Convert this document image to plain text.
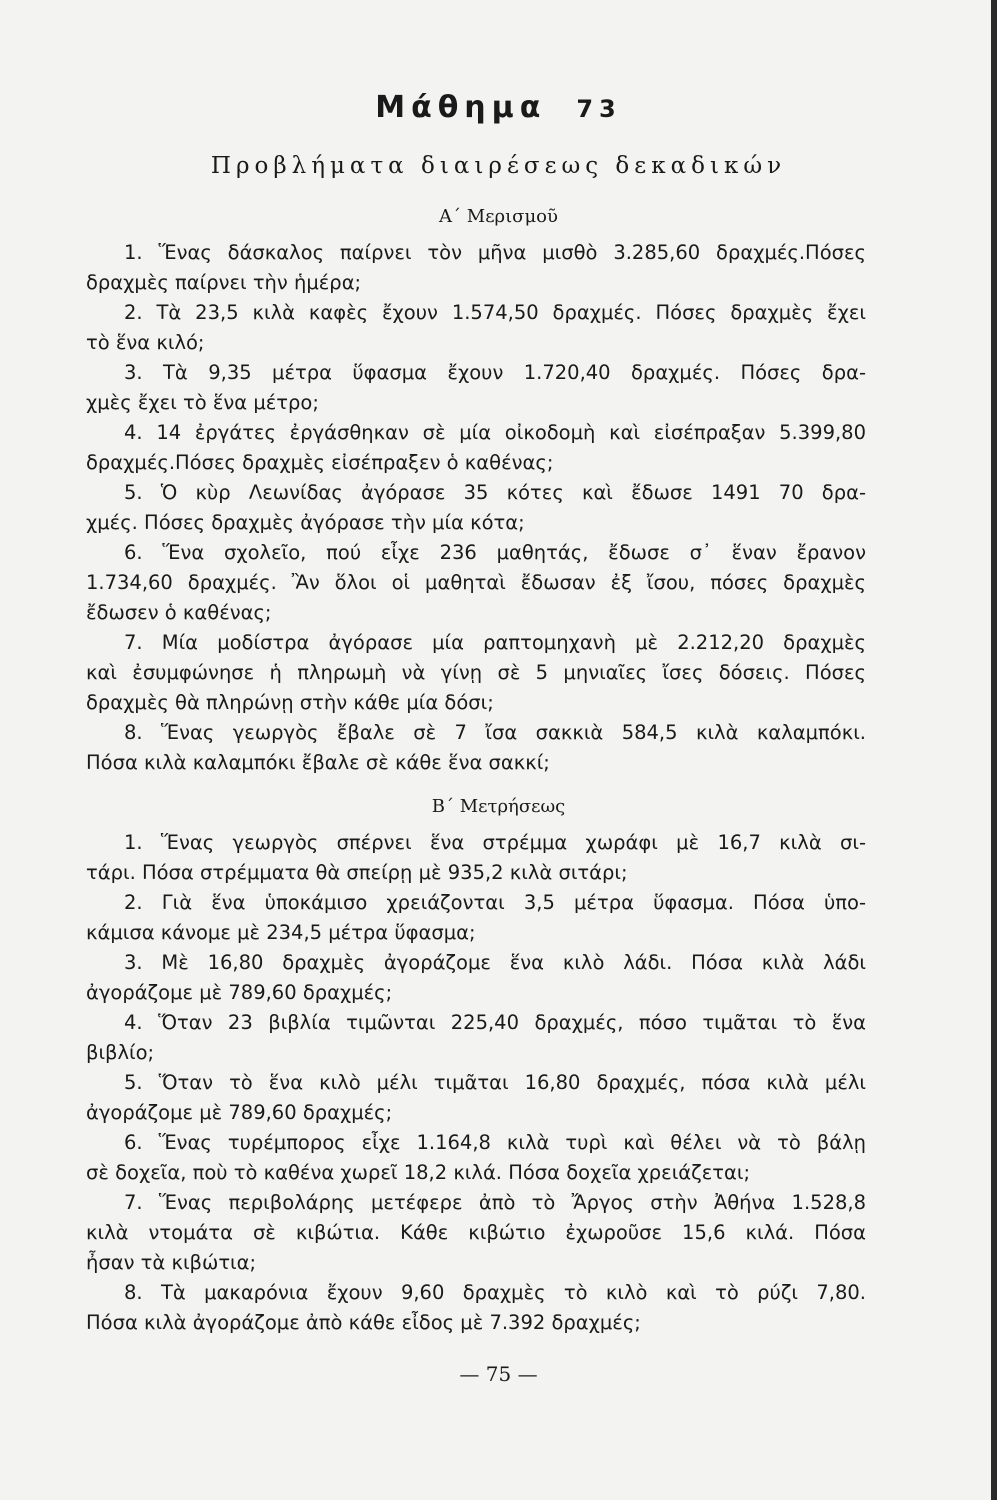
Μάθημα 73
Προβλήματα διαιρέσεως δεκαδικών
Α΄ Μερισμοῦ
1. Ἕνας δάσκαλος παίρνει τὸν μῆνα μισθὸ 3.285,60 δραχμές.Πόσες
δραχμὲς παίρνει τὴν ἡμέρα;
2. Τὰ 23,5 κιλὰ καφὲς ἔχουν 1.574,50 δραχμές. Πόσες δραχμὲς ἔχει
τὸ ἕνα κιλό;
3. Τὰ 9,35 μέτρα ὕφασμα ἔχουν 1.720,40 δραχμές. Πόσες δρα-
χμὲς ἔχει τὸ ἕνα μέτρο;
4. 14 ἐργάτες ἐργάσθηκαν σὲ μία οἰκοδομὴ καὶ εἰσέπραξαν 5.399,80
δραχμές.Πόσες δραχμὲς εἰσέπραξεν ὁ καθένας;
5. Ὁ κὺρ Λεωνίδας ἀγόρασε 35 κότες καὶ ἔδωσε 1491 70 δρα-
χμές. Πόσες δραχμὲς ἀγόρασε τὴν μία κότα;
6. Ἕνα σχολεῖο, πού εἶχε 236 μαθητάς, ἔδωσε σ᾽ ἕναν ἔρανον
1.734,60 δραχμές. Ἂν ὅλοι οἱ μαθηταὶ ἔδωσαν ἐξ ἴσου, πόσες δραχμὲς
ἔδωσεν ὁ καθένας;
7. Μία μοδίστρα ἀγόρασε μία ραπτομηχανὴ μὲ 2.212,20 δραχμὲς
καὶ ἐσυμφώνησε ἡ πληρωμὴ νὰ γίνῃ σὲ 5 μηνιαῖες ἴσες δόσεις. Πόσες
δραχμὲς θὰ πληρώνῃ στὴν κάθε μία δόσι;
8. Ἕνας γεωργὸς ἔβαλε σὲ 7 ἴσα σακκιὰ 584,5 κιλὰ καλαμπόκι.
Πόσα κιλὰ καλαμπόκι ἔβαλε σὲ κάθε ἕνα σακκί;
Β΄ Μετρήσεως
1. Ἕνας γεωργὸς σπέρνει ἕνα στρέμμα χωράφι μὲ 16,7 κιλὰ σι-
τάρι. Πόσα στρέμματα θὰ σπείρῃ μὲ 935,2 κιλὰ σιτάρι;
2. Γιὰ ἕνα ὑποκάμισο χρειάζονται 3,5 μέτρα ὕφασμα. Πόσα ὑπο-
κάμισα κάνομε μὲ 234,5 μέτρα ὕφασμα;
3. Μὲ 16,80 δραχμὲς ἀγοράζομε ἕνα κιλὸ λάδι. Πόσα κιλὰ λάδι
ἀγοράζομε μὲ 789,60 δραχμές;
4. Ὅταν 23 βιβλία τιμῶνται 225,40 δραχμές, πόσο τιμᾶται τὸ ἕνα
βιβλίο;
5. Ὅταν τὸ ἕνα κιλὸ μέλι τιμᾶται 16,80 δραχμές, πόσα κιλὰ μέλι
ἀγοράζομε μὲ 789,60 δραχμές;
6. Ἕνας τυρέμπορος εἶχε 1.164,8 κιλὰ τυρὶ καὶ θέλει νὰ τὸ βάλῃ
σὲ δοχεῖα, ποὺ τὸ καθένα χωρεῖ 18,2 κιλά. Πόσα δοχεῖα χρειάζεται;
7. Ἕνας περιβολάρης μετέφερε ἀπὸ τὸ Ἄργος στὴν Ἀθήνα 1.528,8
κιλὰ ντομάτα σὲ κιβώτια. Κάθε κιβώτιο ἐχωροῦσε 15,6 κιλά. Πόσα
ἦσαν τὰ κιβώτια;
8. Τὰ μακαρόνια ἔχουν 9,60 δραχμὲς τὸ κιλὸ καὶ τὸ ρύζι 7,80.
Πόσα κιλὰ ἀγοράζομε ἀπὸ κάθε εἶδος μὲ 7.392 δραχμές;
— 75 —
